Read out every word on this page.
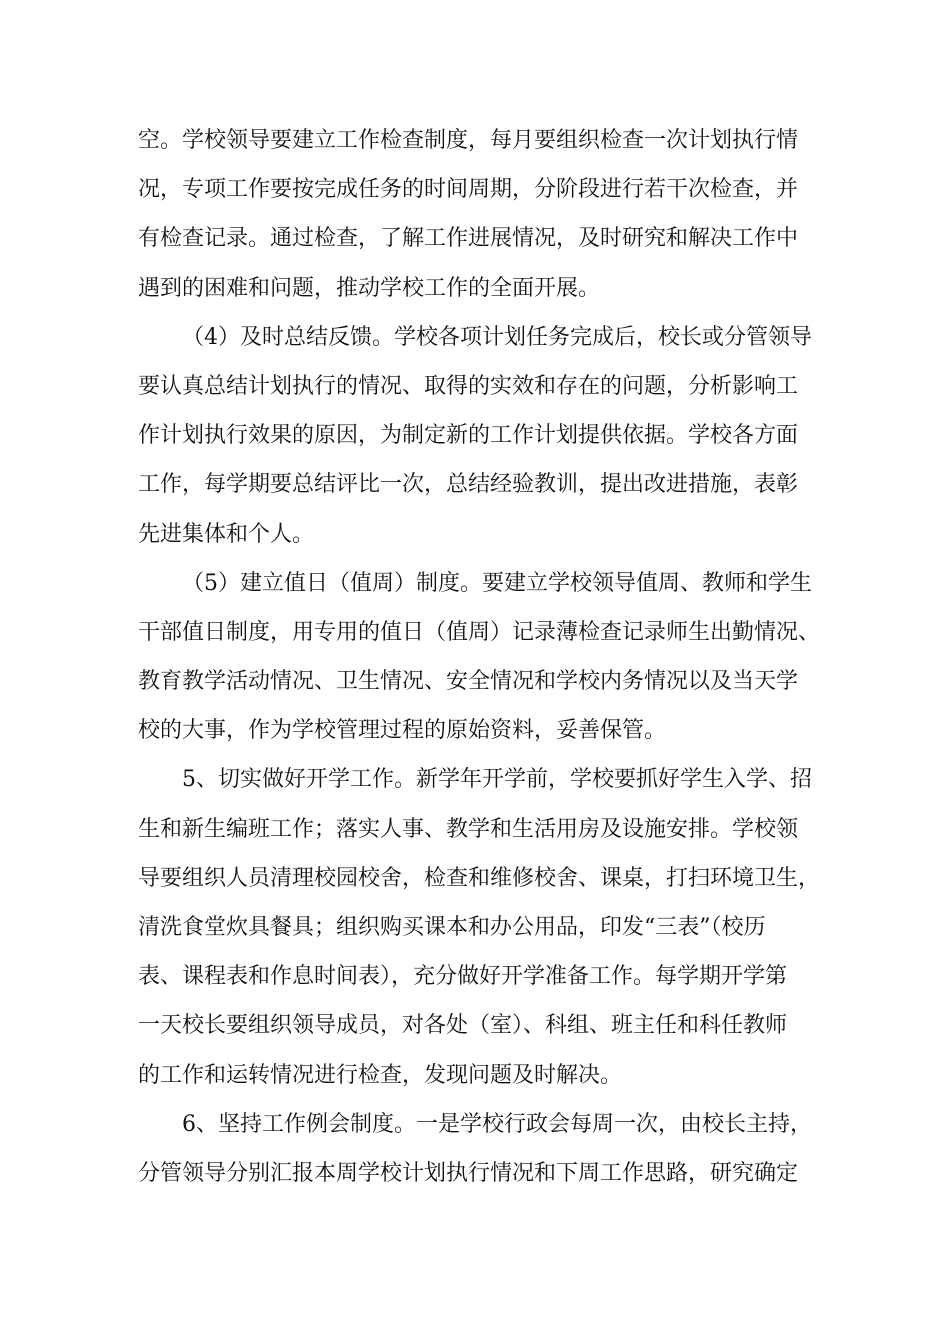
空。学校领导要建立工作检查制度，每月要组织检查一次计划执行情
况，专项工作要按完成任务的时间周期，分阶段进行若干次检查，并
有检查记录。通过检查，了解工作进展情况，及时研究和解决工作中
遇到的困难和问题，推动学校工作的全面开展。
（4）及时总结反馈。学校各项计划任务完成后，校长或分管领导
要认真总结计划执行的情况、取得的实效和存在的问题，分析影响工
作计划执行效果的原因，为制定新的工作计划提供依据。学校各方面
工作，每学期要总结评比一次，总结经验教训，提出改进措施，表彰
先进集体和个人。
（5）建立值日（值周）制度。要建立学校领导值周、教师和学生
干部值日制度，用专用的值日（值周）记录薄检查记录师生出勤情况、
教育教学活动情况、卫生情况、安全情况和学校内务情况以及当天学
校的大事，作为学校管理过程的原始资料，妥善保管。
5、切实做好开学工作。新学年开学前，学校要抓好学生入学、招
生和新生编班工作；落实人事、教学和生活用房及设施安排。学校领
导要组织人员清理校园校舍，检查和维修校舍、课桌，打扫环境卫生，
清洗食堂炊具餐具；组织购买课本和办公用品，印发“三表”（校历
表、课程表和作息时间表），充分做好开学准备工作。每学期开学第
一天校长要组织领导成员，对各处（室）、科组、班主任和科任教师
的工作和运转情况进行检查，发现问题及时解决。
6、坚持工作例会制度。一是学校行政会每周一次，由校长主持，
分管领导分别汇报本周学校计划执行情况和下周工作思路，研究确定
